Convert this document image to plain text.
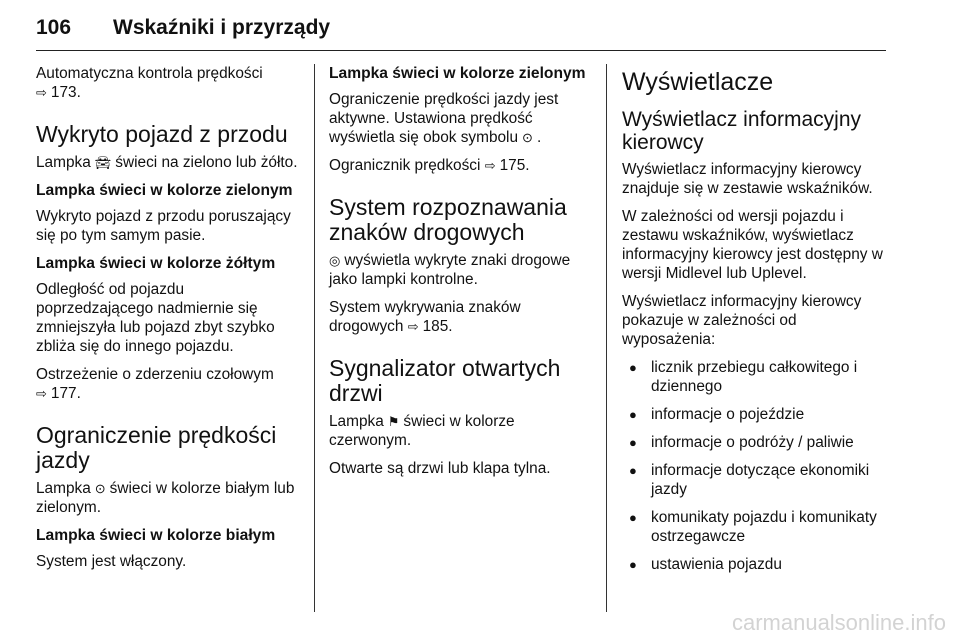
106 Wskaźniki i przyrządy

Automatyczna kontrola prędkości
⇨ 173.

Wykryto pojazd z przodu

Lampka 🚘︎ świeci na zielono lub żółto.

Lampka świeci w kolorze zielonym

Wykryto pojazd z przodu poruszający się po tym samym pasie.

Lampka świeci w kolorze żółtym

Odległość od pojazdu poprzedzającego nadmiernie się zmniejszyła lub pojazd zbyt szybko zbliża się do innego pojazdu.

Ostrzeżenie o zderzeniu czołowym
⇨ 177.

Ograniczenie prędkości jazdy

Lampka ⊙ świeci w kolorze białym lub zielonym.

Lampka świeci w kolorze białym

System jest włączony.

Lampka świeci w kolorze zielonym

Ograniczenie prędkości jazdy jest aktywne. Ustawiona prędkość wyświetla się obok symbolu ⊙ .

Ogranicznik prędkości ⇨ 175.

System rozpoznawania znaków drogowych

◎ wyświetla wykryte znaki drogowe jako lampki kontrolne.

System wykrywania znaków drogowych ⇨ 185.

Sygnalizator otwartych drzwi

Lampka ⚑ świeci w kolorze czerwonym.

Otwarte są drzwi lub klapa tylna.

Wyświetlacze
Wyświetlacz informacyjny kierowcy

Wyświetlacz informacyjny kierowcy znajduje się w zestawie wskaźników.

W zależności od wersji pojazdu i zestawu wskaźników, wyświetlacz informacyjny kierowcy jest dostępny w wersji Midlevel lub Uplevel.

Wyświetlacz informacyjny kierowcy pokazuje w zależności od wyposażenia:

● licznik przebiegu całkowitego i dziennego
● informacje o pojeździe
● informacje o podróży / paliwie
● informacje dotyczące ekonomiki jazdy
● komunikaty pojazdu i komunikaty ostrzegawcze
● ustawienia pojazdu
carmanualsonline.info
